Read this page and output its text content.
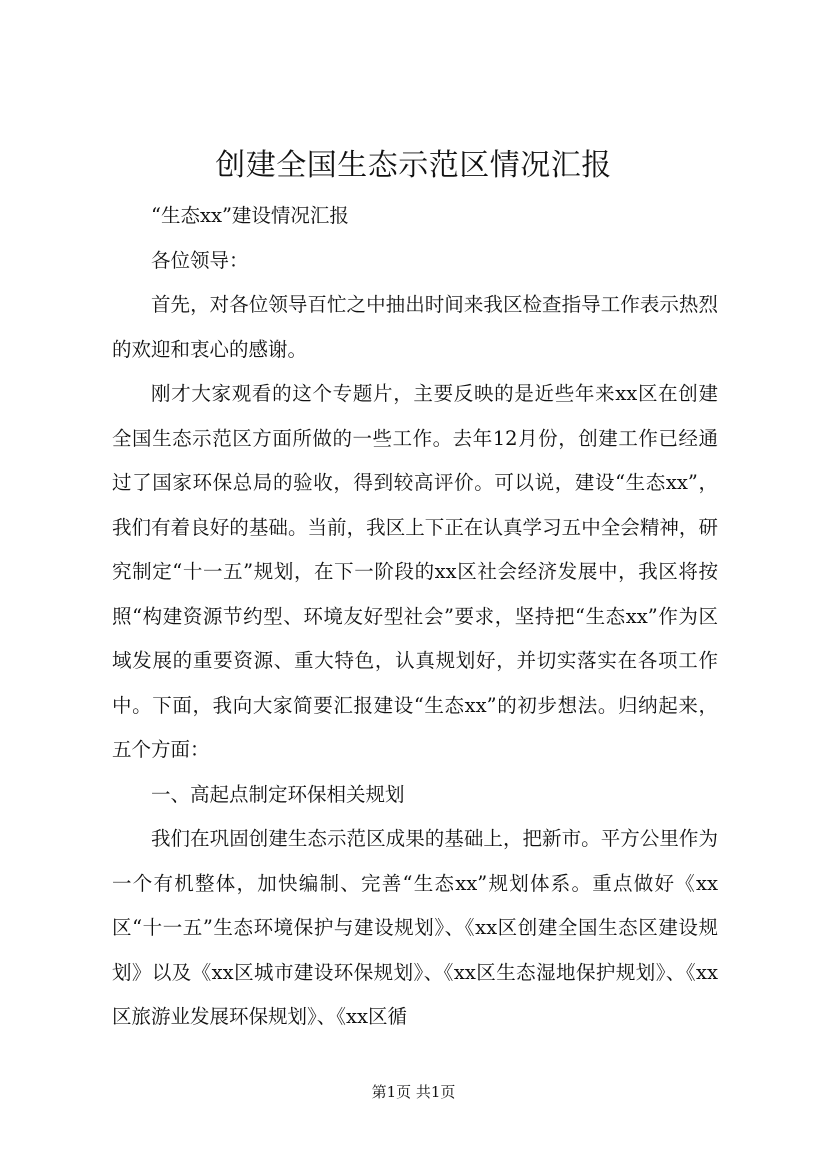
创建全国生态示范区情况汇报

“生态xx”建设情况汇报

各位领导：

首先，对各位领导百忙之中抽出时间来我区检查指导工作表示热烈的欢迎和衷心的感谢。

刚才大家观看的这个专题片，主要反映的是近些年来xx区在创建全国生态示范区方面所做的一些工作。去年12月份，创建工作已经通过了国家环保总局的验收，得到较高评价。可以说，建设“生态xx”，我们有着良好的基础。当前，我区上下正在认真学习五中全会精神，研究制定“十一五”规划，在下一阶段的xx区社会经济发展中，我区将按照“构建资源节约型、环境友好型社会”要求，坚持把“生态xx”作为区域发展的重要资源、重大特色，认真规划好，并切实落实在各项工作中。下面，我向大家简要汇报建设“生态xx”的初步想法。归纳起来，五个方面：

一、高起点制定环保相关规划

我们在巩固创建生态示范区成果的基础上，把新市。平方公里作为一个有机整体，加快编制、完善“生态xx”规划体系。重点做好《xx区“十一五”生态环境保护与建设规划》、《xx区创建全国生态区建设规划》以及《xx区城市建设环保规划》、《xx区生态湿地保护规划》、《xx区旅游业发展环保规划》、《xx区循

第1页 共1页
